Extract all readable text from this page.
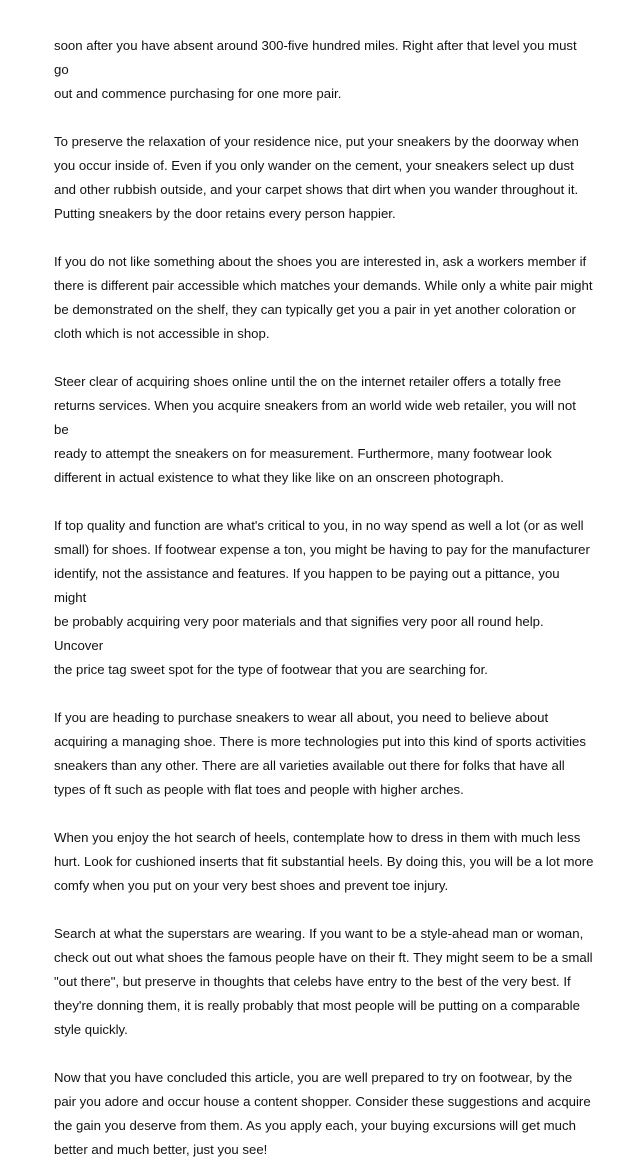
soon after you have absent around 300-five hundred miles. Right after that level you must go
out and commence purchasing for one more pair.

To preserve the relaxation of your residence nice, put your sneakers by the doorway when
you occur inside of. Even if you only wander on the cement, your sneakers select up dust
and other rubbish outside, and your carpet shows that dirt when you wander throughout it.
Putting sneakers by the door retains every person happier.

If you do not like something about the shoes you are interested in, ask a workers member if
there is different pair accessible which matches your demands. While only a white pair might
be demonstrated on the shelf, they can typically get you a pair in yet another coloration or
cloth which is not accessible in shop.

Steer clear of acquiring shoes online until the on the internet retailer offers a totally free
returns services. When you acquire sneakers from an world wide web retailer, you will not be
ready to attempt the sneakers on for measurement. Furthermore, many footwear look
different in actual existence to what they like like on an onscreen photograph.

If top quality and function are what's critical to you, in no way spend as well a lot (or as well
small) for shoes. If footwear expense a ton, you might be having to pay for the manufacturer
identify, not the assistance and features. If you happen to be paying out a pittance, you might
be probably acquiring very poor materials and that signifies very poor all round help. Uncover
the price tag sweet spot for the type of footwear that you are searching for.

If you are heading to purchase sneakers to wear all about, you need to believe about
acquiring a managing shoe. There is more technologies put into this kind of sports activities
sneakers than any other. There are all varieties available out there for folks that have all
types of ft such as people with flat toes and people with higher arches.

When you enjoy the hot search of heels, contemplate how to dress in them with much less
hurt. Look for cushioned inserts that fit substantial heels. By doing this, you will be a lot more
comfy when you put on your very best shoes and prevent toe injury.

Search at what the superstars are wearing. If you want to be a style-ahead man or woman,
check out out what shoes the famous people have on their ft. They might seem to be a small
"out there", but preserve in thoughts that celebs have entry to the best of the very best. If
they're donning them, it is really probably that most people will be putting on a comparable
style quickly.

Now that you have concluded this article, you are well prepared to try on footwear, by the
pair you adore and occur house a content shopper. Consider these suggestions and acquire
the gain you deserve from them. As you apply each, your buying excursions will get much
better and much better, just you see!
